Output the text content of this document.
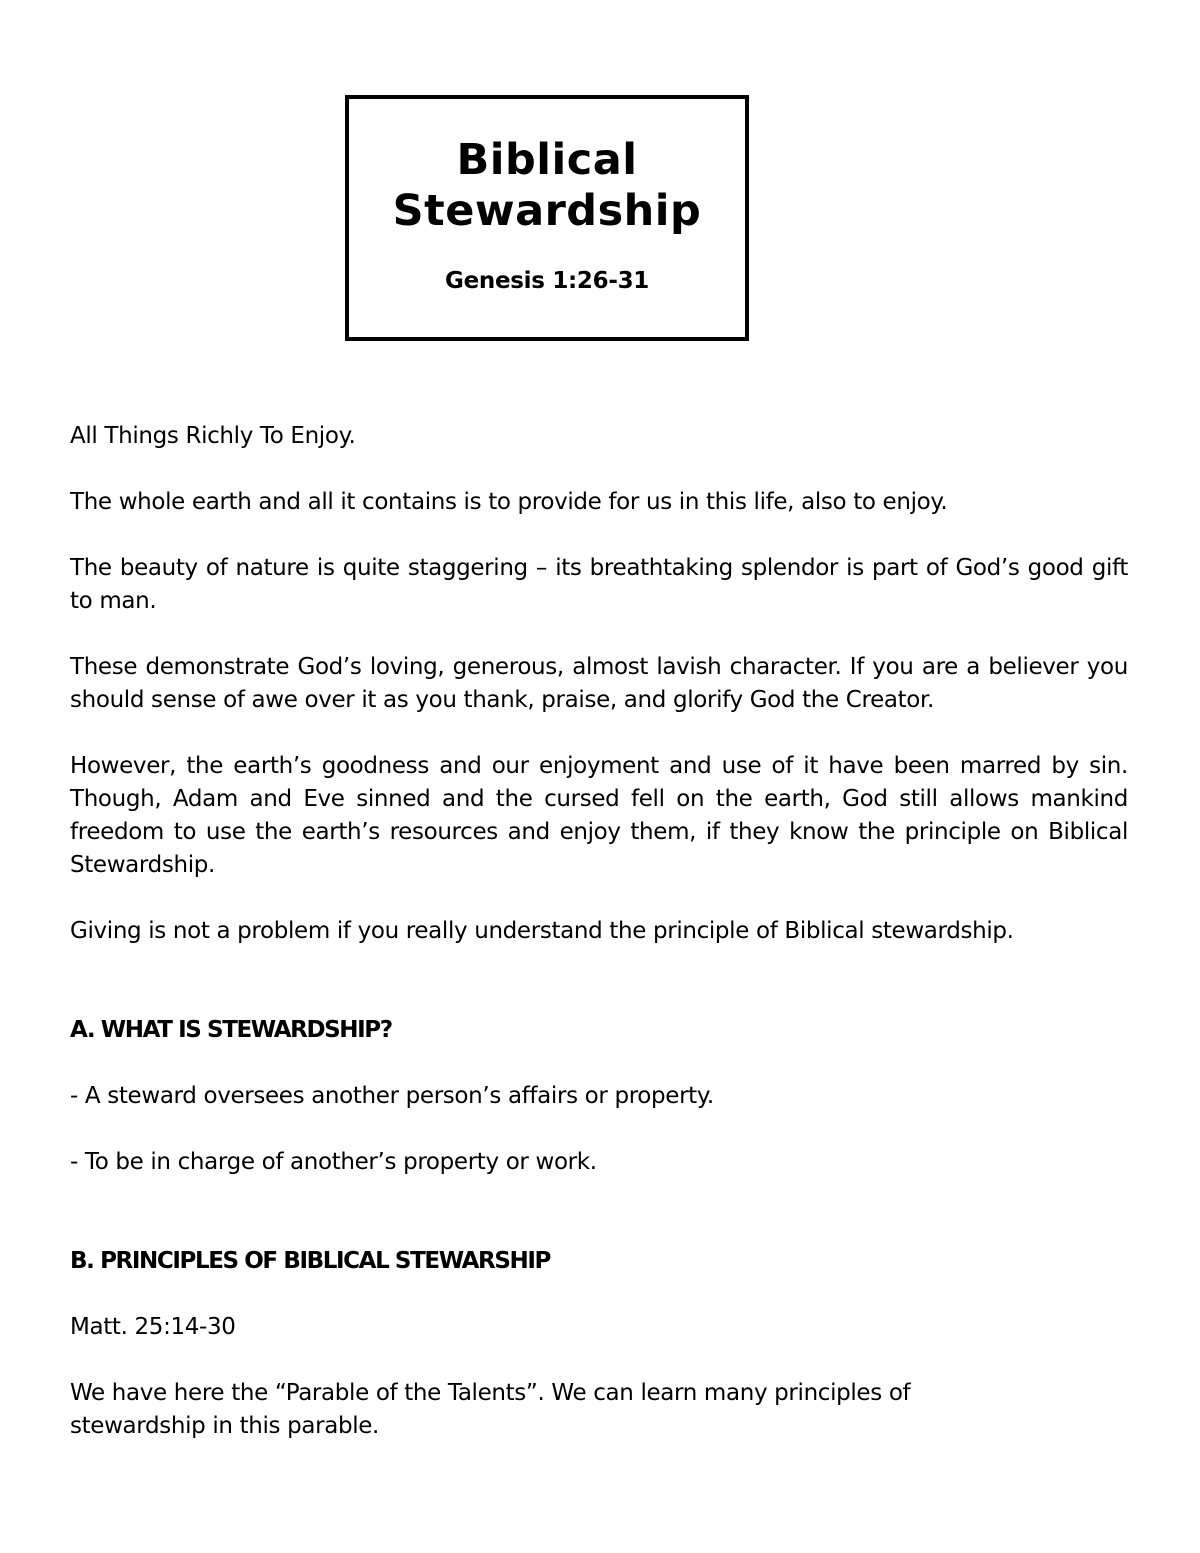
Biblical
Stewardship
Genesis 1:26-31

All Things Richly To Enjoy.

The whole earth and all it contains is to provide for us in this life, also to enjoy.

The beauty of nature is quite staggering – its breathtaking splendor is part of God’s good gift to man.

These demonstrate God’s loving, generous, almost lavish character. If you are a believer you should sense of awe over it as you thank, praise, and glorify God the Creator.

However, the earth’s goodness and our enjoyment and use of it have been marred by sin. Though, Adam and Eve sinned and the cursed fell on the earth, God still allows mankind freedom to use the earth’s resources and enjoy them, if they know the principle on Biblical Stewardship.

Giving is not a problem if you really understand the principle of Biblical stewardship.

A. WHAT IS STEWARDSHIP?

- A steward oversees another person’s affairs or property.

- To be in charge of another’s property or work.

B. PRINCIPLES OF BIBLICAL STEWARSHIP

Matt. 25:14-30

We have here the “Parable of the Talents”. We can learn many principles of stewardship in this parable.
